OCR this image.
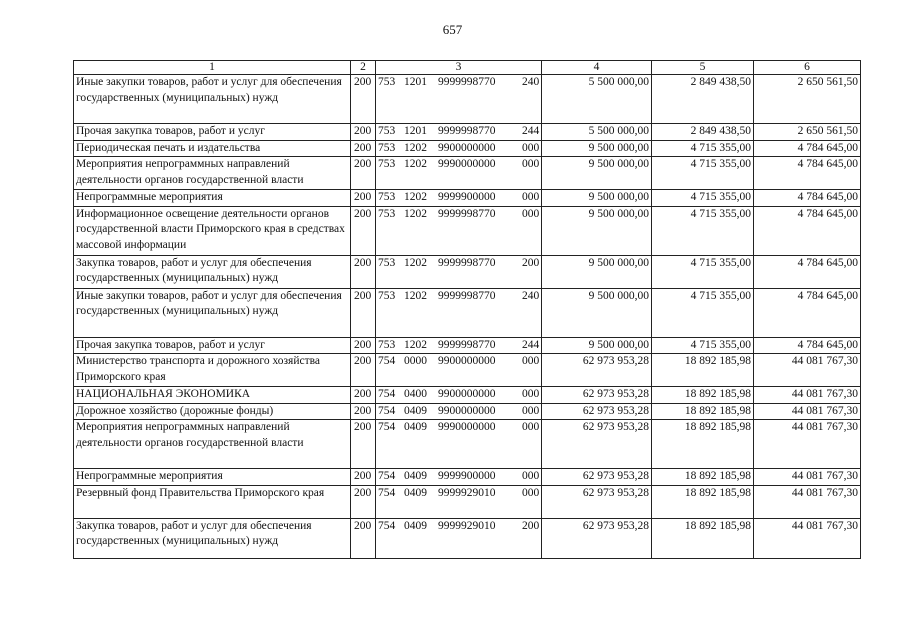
657
1	2	3	4	5	6
Иные закупки товаров, работ и услуг для обеспечения государственных (муниципальных) нужд	200	753 1201 9999998770 240	5 500 000,00	2 849 438,50	2 650 561,50
Прочая закупка товаров, работ и услуг	200	753 1201 9999998770 244	5 500 000,00	2 849 438,50	2 650 561,50
Периодическая печать и издательства	200	753 1202 9900000000 000	9 500 000,00	4 715 355,00	4 784 645,00
Мероприятия непрограммных направлений деятельности органов государственной власти	200	753 1202 9990000000 000	9 500 000,00	4 715 355,00	4 784 645,00
Непрограммные мероприятия	200	753 1202 9999900000 000	9 500 000,00	4 715 355,00	4 784 645,00
Информационное освещение деятельности органов государственной власти Приморского края в средствах массовой информации	200	753 1202 9999998770 000	9 500 000,00	4 715 355,00	4 784 645,00
Закупка товаров, работ и услуг для обеспечения государственных (муниципальных) нужд	200	753 1202 9999998770 200	9 500 000,00	4 715 355,00	4 784 645,00
Иные закупки товаров, работ и услуг для обеспечения государственных (муниципальных) нужд	200	753 1202 9999998770 240	9 500 000,00	4 715 355,00	4 784 645,00
Прочая закупка товаров, работ и услуг	200	753 1202 9999998770 244	9 500 000,00	4 715 355,00	4 784 645,00
Министерство транспорта и дорожного хозяйства Приморского края	200	754 0000 9900000000 000	62 973 953,28	18 892 185,98	44 081 767,30
НАЦИОНАЛЬНАЯ ЭКОНОМИКА	200	754 0400 9900000000 000	62 973 953,28	18 892 185,98	44 081 767,30
Дорожное хозяйство (дорожные фонды)	200	754 0409 9900000000 000	62 973 953,28	18 892 185,98	44 081 767,30
Мероприятия непрограммных направлений деятельности органов государственной власти	200	754 0409 9990000000 000	62 973 953,28	18 892 185,98	44 081 767,30
Непрограммные мероприятия	200	754 0409 9999900000 000	62 973 953,28	18 892 185,98	44 081 767,30
Резервный фонд Правительства Приморского края	200	754 0409 9999929010 000	62 973 953,28	18 892 185,98	44 081 767,30
Закупка товаров, работ и услуг для обеспечения государственных (муниципальных) нужд	200	754 0409 9999929010 200	62 973 953,28	18 892 185,98	44 081 767,30
